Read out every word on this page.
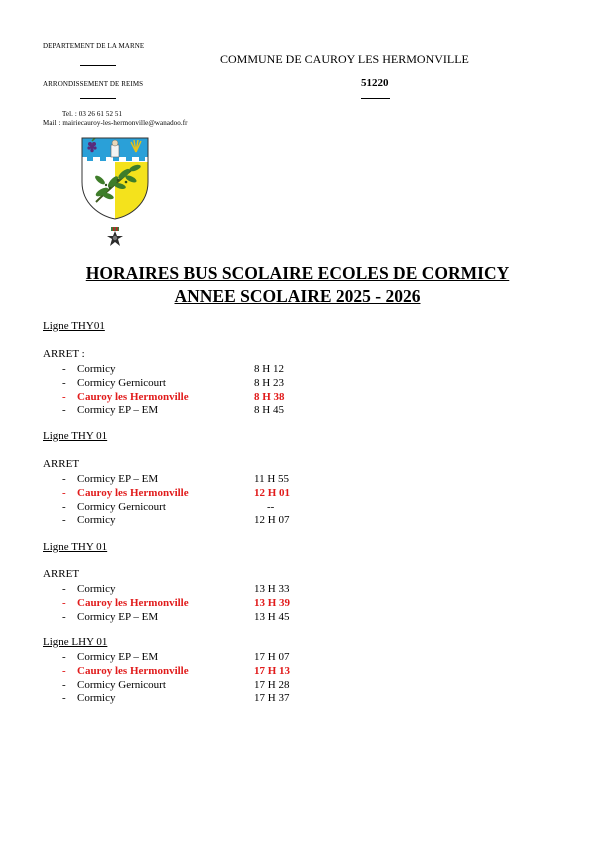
DEPARTEMENT DE LA MARNE
ARRONDISSEMENT DE REIMS
Tel. : 03 26 61 52 51
Mail : mairiecauroy-les-hermonville@wanadoo.fr
COMMUNE DE CAUROY LES HERMONVILLE
51220
HORAIRES BUS SCOLAIRE ECOLES DE CORMICY
ANNEE SCOLAIRE 2025 - 2026
Ligne THY01
ARRET :
- Cormicy	8 H 12
- Cormicy Gernicourt	8 H 23
- Cauroy les Hermonville	8 H 38
- Cormicy EP – EM	8 H 45
Ligne THY 01
ARRET
- Cormicy EP – EM	11 H 55
- Cauroy les Hermonville	12 H 01
- Cormicy Gernicourt	--
- Cormicy	12 H 07
Ligne THY 01
ARRET
- Cormicy	13 H 33
- Cauroy les Hermonville	13 H 39
- Cormicy EP – EM	13 H 45
Ligne LHY 01
- Cormicy EP – EM	17 H 07
- Cauroy les Hermonville	17 H 13
- Cormicy Gernicourt	17 H 28
- Cormicy	17 H 37
